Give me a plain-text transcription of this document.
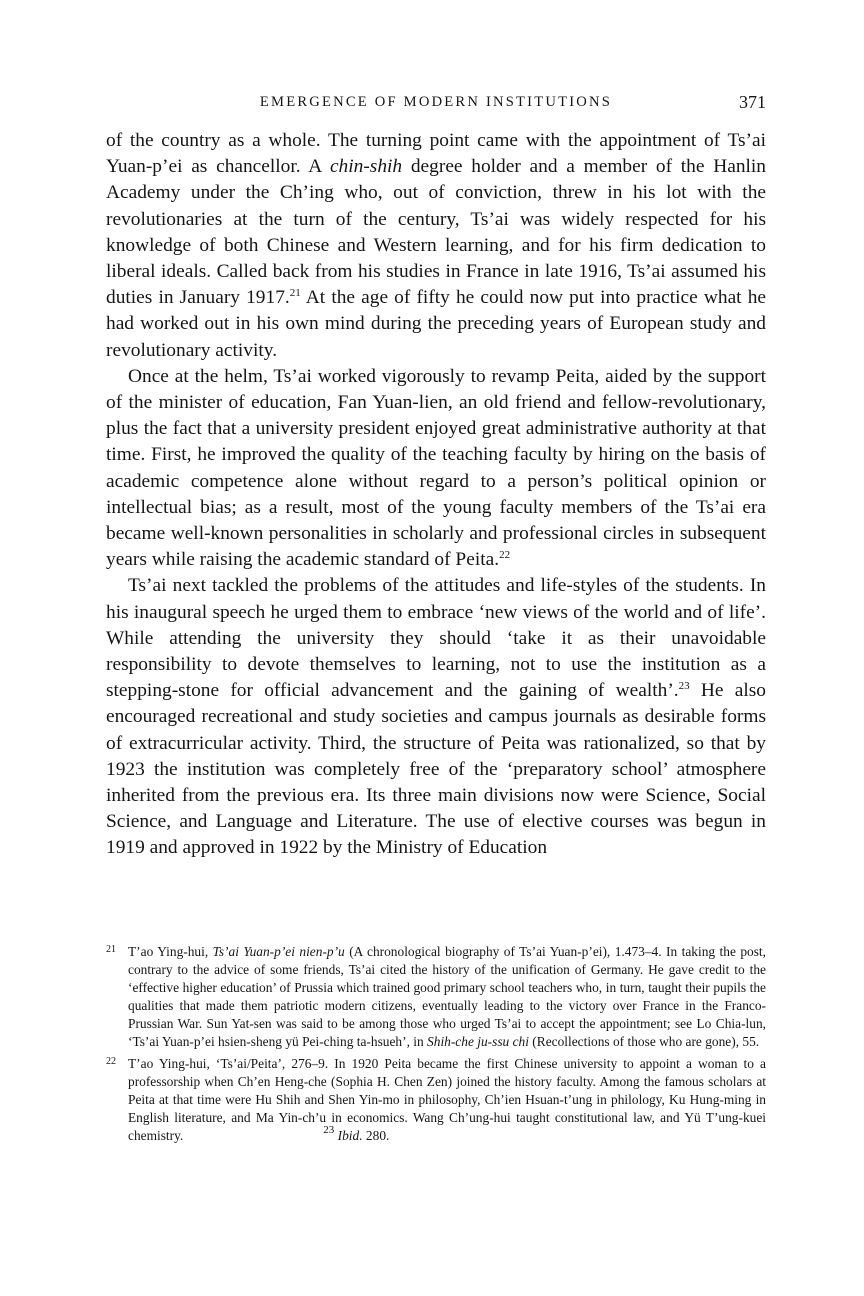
EMERGENCE OF MODERN INSTITUTIONS	371

of the country as a whole. The turning point came with the appointment of Ts’ai Yuan-p’ei as chancellor. A chin-shih degree holder and a member of the Hanlin Academy under the Ch’ing who, out of conviction, threw in his lot with the revolutionaries at the turn of the century, Ts’ai was widely respected for his knowledge of both Chinese and Western learning, and for his firm dedication to liberal ideals. Called back from his studies in France in late 1916, Ts’ai assumed his duties in January 1917.21 At the age of fifty he could now put into practice what he had worked out in his own mind during the preceding years of European study and revolutionary activity.

Once at the helm, Ts’ai worked vigorously to revamp Peita, aided by the support of the minister of education, Fan Yuan-lien, an old friend and fellow-revolutionary, plus the fact that a university president enjoyed great administrative authority at that time. First, he improved the quality of the teaching faculty by hiring on the basis of academic competence alone without regard to a person’s political opinion or intellectual bias; as a result, most of the young faculty members of the Ts’ai era became well-known personalities in scholarly and professional circles in subsequent years while raising the academic standard of Peita.$^{22}$

Ts’ai next tackled the problems of the attitudes and life-styles of the students. In his inaugural speech he urged them to embrace ‘new views of the world and of life’. While attending the university they should ‘take it as their unavoidable responsibility to devote themselves to learning, not to use the institution as a stepping-stone for official advancement and the gaining of wealth’.$^{23}$ He also encouraged recreational and study societies and campus journals as desirable forms of extracurricular activity. Third, the structure of Peita was rationalized, so that by 1923 the institution was completely free of the ‘preparatory school’ atmosphere inherited from the previous era. Its three main divisions now were Science, Social Science, and Language and Literature. The use of elective courses was begun in 1919 and approved in 1922 by the Ministry of Education

21 T’ao Ying-hui, Ts’ai Yuan-p’ei nien-p’u (A chronological biography of Ts’ai Yuan-p’ei), 1.473–4. In taking the post, contrary to the advice of some friends, Ts’ai cited the history of the unification of Germany. He gave credit to the ‘effective higher education’ of Prussia which trained good primary school teachers who, in turn, taught their pupils the qualities that made them patriotic modern citizens, eventually leading to the victory over France in the Franco-Prussian War. Sun Yat-sen was said to be among those who urged Ts’ai to accept the appointment; see Lo Chia-lun, ‘Ts’ai Yuan-p’ei hsien-sheng yü Pei-ching ta-hsueh’, in Shih-che ju-ssu chi (Recollections of those who are gone), 55.
22 T’ao Ying-hui, ‘Ts’ai/Peita’, 276–9. In 1920 Peita became the first Chinese university to appoint a woman to a professorship when Ch’en Heng-che (Sophia H. Chen Zen) joined the history faculty. Among the famous scholars at Peita at that time were Hu Shih and Shen Yin-mo in philosophy, Ch’ien Hsuan-t’ung in philology, Ku Hung-ming in English literature, and Ma Yin-ch’u in economics. Wang Ch’ung-hui taught constitutional law, and Yü T’ung-kuei chemistry.	$^{23}$ Ibid. 280.
